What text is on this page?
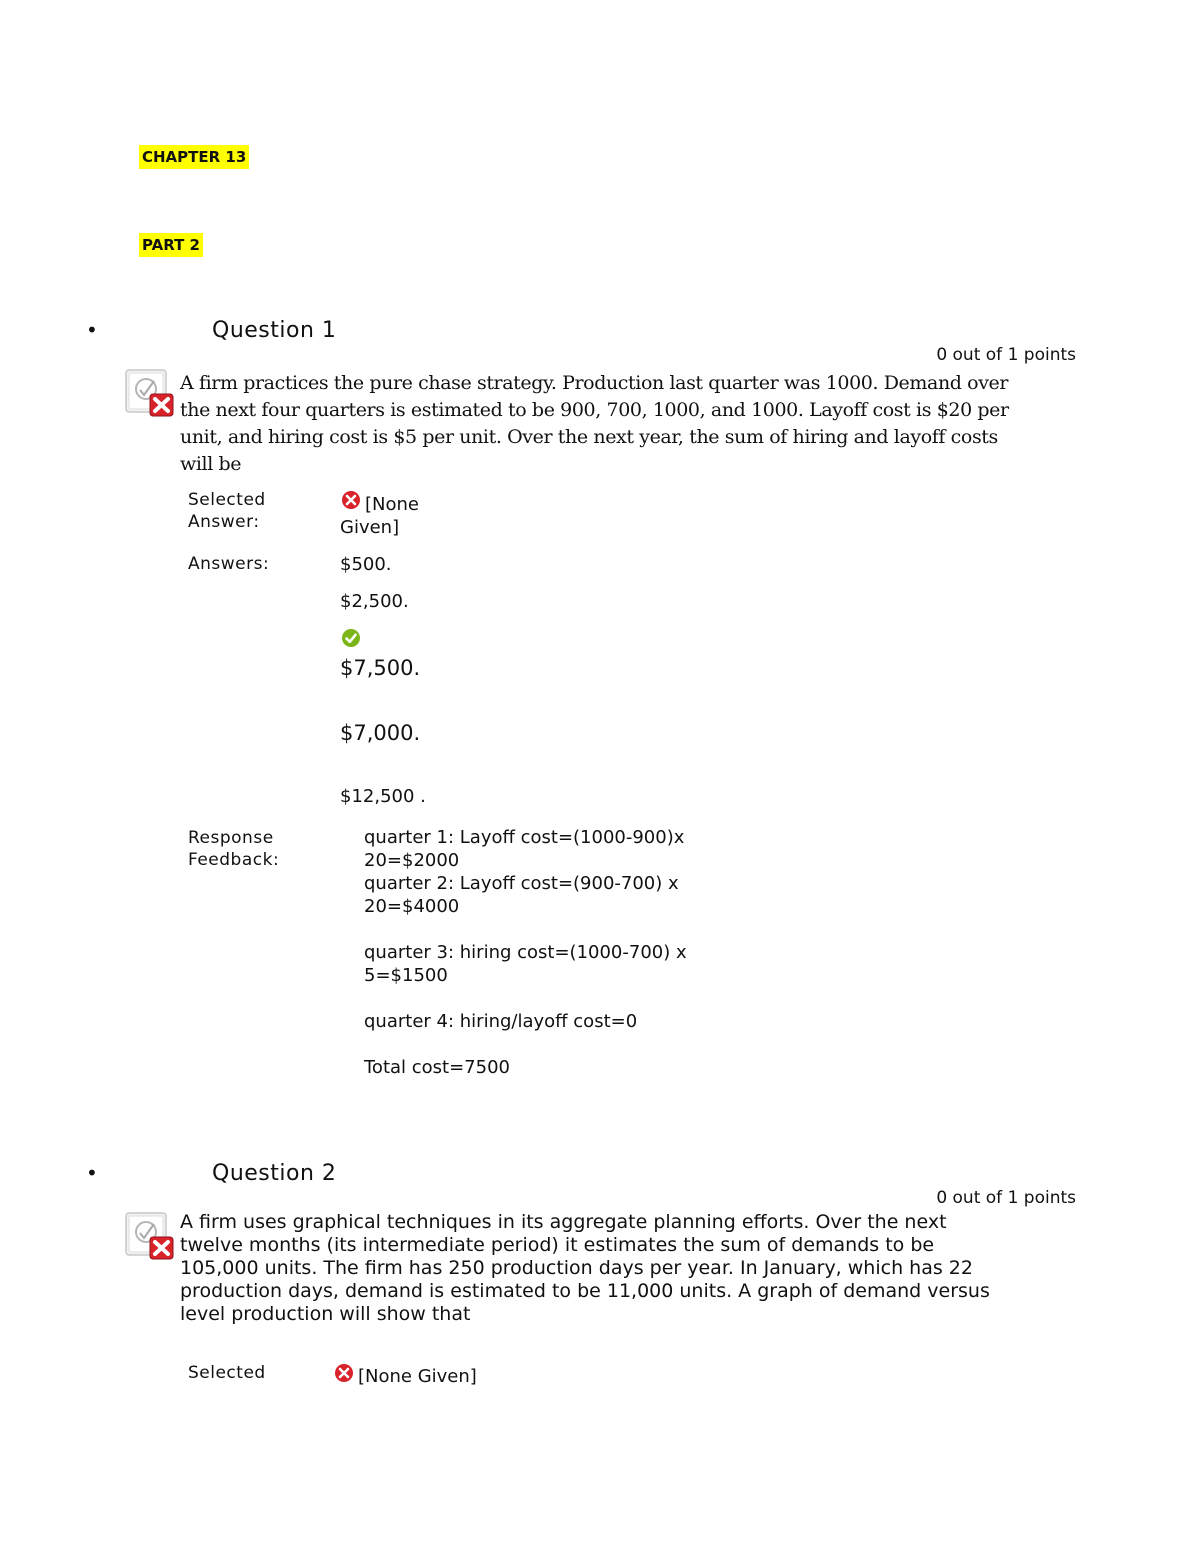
CHAPTER 13
PART 2
•	Question 1
0 out of 1 points
A firm practices the pure chase strategy. Production last quarter was 1000. Demand over
the next four quarters is estimated to be 900, 700, 1000, and 1000. Layoff cost is $20 per
unit, and hiring cost is $5 per unit. Over the next year, the sum of hiring and layoff costs
will be
Selected
Answer:
[None
Given]
Answers:	$500.
$2,500.
$7,500.
$7,000.
$12,500 .
Response
Feedback:
quarter 1: Layoff cost=(1000-900)x
20=$2000
quarter 2: Layoff cost=(900-700) x
20=$4000
quarter 3: hiring cost=(1000-700) x
5=$1500
quarter 4: hiring/layoff cost=0
Total cost=7500
•	Question 2
0 out of 1 points
A firm uses graphical techniques in its aggregate planning efforts. Over the next
twelve months (its intermediate period) it estimates the sum of demands to be
105,000 units. The firm has 250 production days per year. In January, which has 22
production days, demand is estimated to be 11,000 units. A graph of demand versus
level production will show that
Selected	[None Given]
